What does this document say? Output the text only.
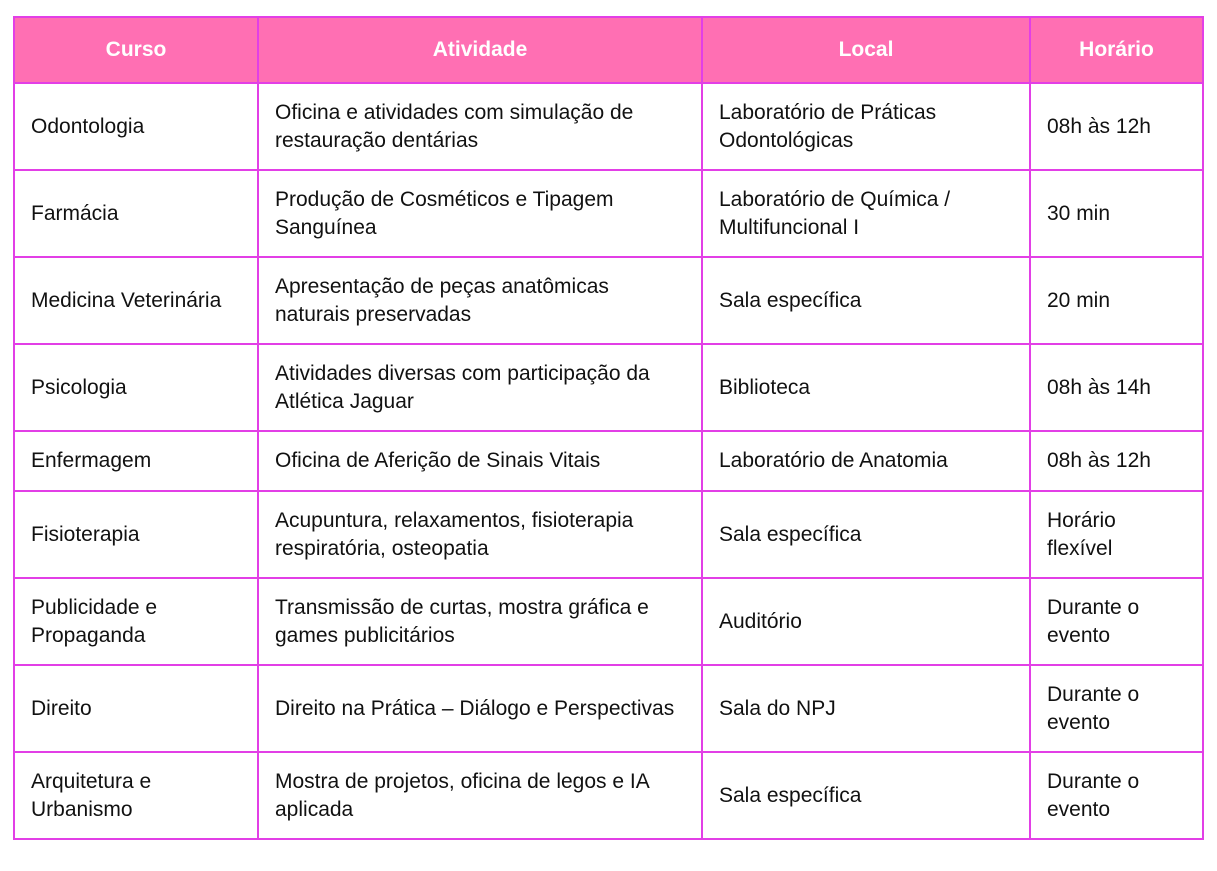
Curso	Atividade	Local	Horário
Odontologia	Oficina e atividades com simulação de restauração dentárias	Laboratório de Práticas Odontológicas	08h às 12h
Farmácia	Produção de Cosméticos e Tipagem Sanguínea	Laboratório de Química / Multifuncional I	30 min
Medicina Veterinária	Apresentação de peças anatômicas naturais preservadas	Sala específica	20 min
Psicologia	Atividades diversas com participação da Atlética Jaguar	Biblioteca	08h às 14h
Enfermagem	Oficina de Aferição de Sinais Vitais	Laboratório de Anatomia	08h às 12h
Fisioterapia	Acupuntura, relaxamentos, fisioterapia respiratória, osteopatia	Sala específica	Horário flexível
Publicidade e Propaganda	Transmissão de curtas, mostra gráfica e games publicitários	Auditório	Durante o evento
Direito	Direito na Prática – Diálogo e Perspectivas	Sala do NPJ	Durante o evento
Arquitetura e Urbanismo	Mostra de projetos, oficina de legos e IA aplicada	Sala específica	Durante o evento
